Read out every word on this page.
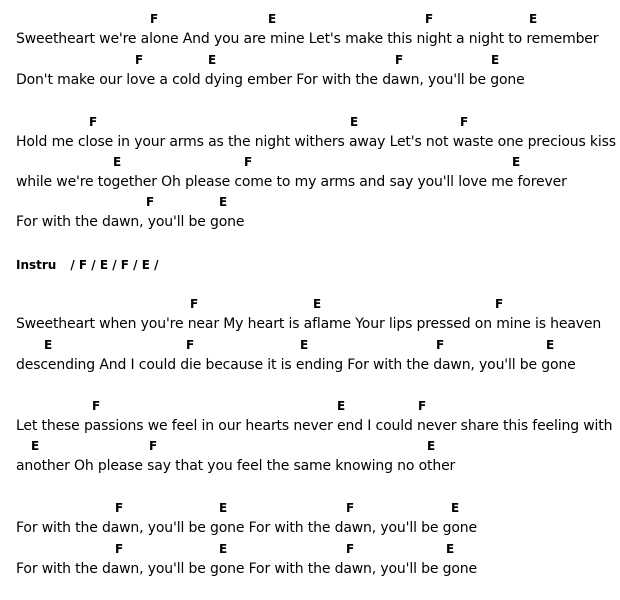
F	E	F	E
Sweetheart we're alone And you are mine Let's make this night a night to remember
F	E	F	E
Don't make our love a cold dying ember For with the dawn, you'll be gone
F	E	F
Hold me close in your arms as the night withers away Let's not waste one precious kiss
E	F	E
while we're together Oh please come to my arms and say you'll love me forever
F	E
For with the dawn, you'll be gone
Instru / F / E / F / E /
F	E	F
Sweetheart when you're near My heart is aflame Your lips pressed on mine is heaven
E	F	E	F	E
descending And I could die because it is ending For with the dawn, you'll be gone
F	E	F
Let these passions we feel in our hearts never end I could never share this feeling with
E	F	E
another Oh please say that you feel the same knowing no other
F	E	F	E
For with the dawn, you'll be gone For with the dawn, you'll be gone
F	E	F	E
For with the dawn, you'll be gone For with the dawn, you'll be gone
